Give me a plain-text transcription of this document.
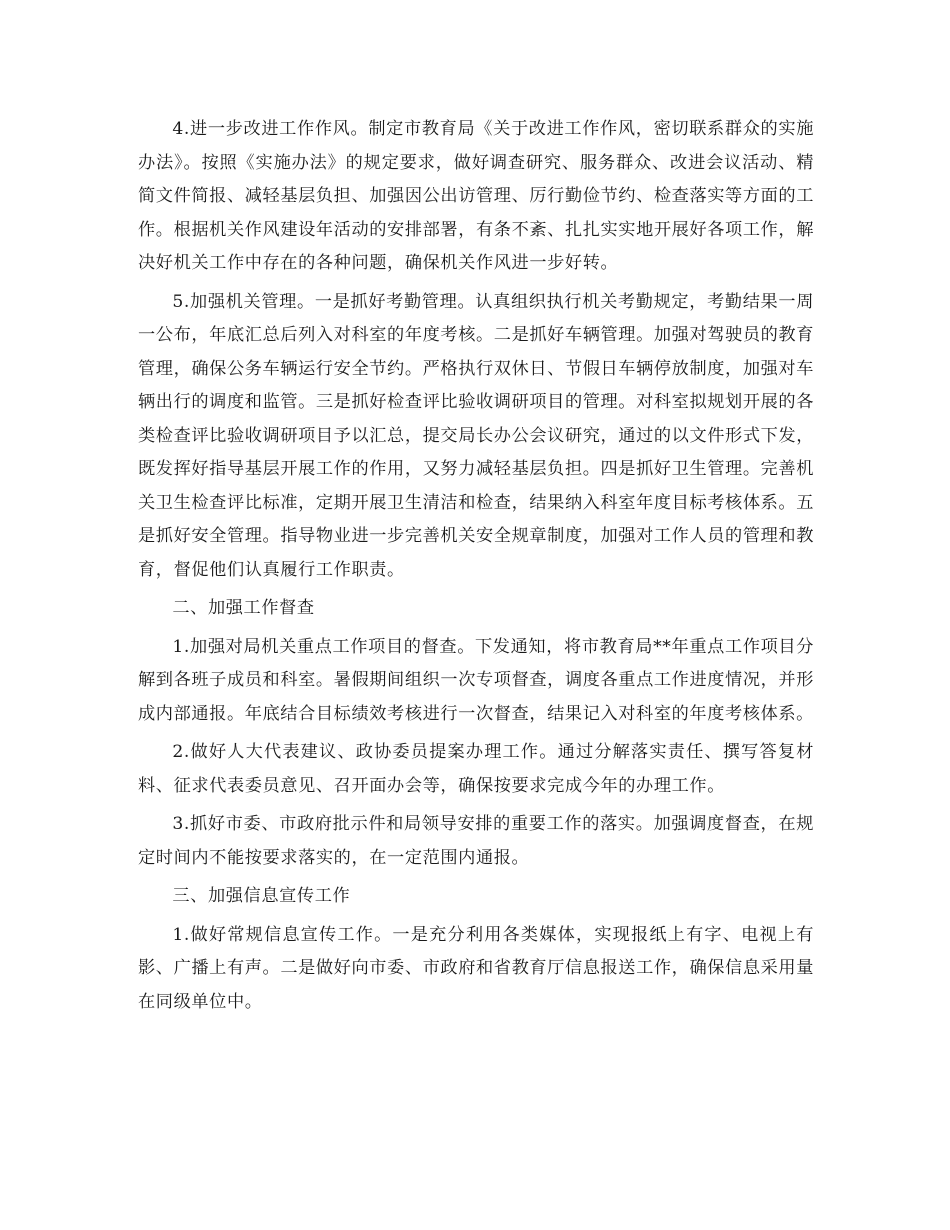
4.进一步改进工作作风。制定市教育局《关于改进工作作风，密切联系群众的实施办法》。按照《实施办法》的规定要求，做好调查研究、服务群众、改进会议活动、精简文件简报、减轻基层负担、加强因公出访管理、厉行勤俭节约、检查落实等方面的工作。根据机关作风建设年活动的安排部署，有条不紊、扎扎实实地开展好各项工作，解决好机关工作中存在的各种问题，确保机关作风进一步好转。

5.加强机关管理。一是抓好考勤管理。认真组织执行机关考勤规定，考勤结果一周一公布，年底汇总后列入对科室的年度考核。二是抓好车辆管理。加强对驾驶员的教育管理，确保公务车辆运行安全节约。严格执行双休日、节假日车辆停放制度，加强对车辆出行的调度和监管。三是抓好检查评比验收调研项目的管理。对科室拟规划开展的各类检查评比验收调研项目予以汇总，提交局长办公会议研究，通过的以文件形式下发，既发挥好指导基层开展工作的作用，又努力减轻基层负担。四是抓好卫生管理。完善机关卫生检查评比标准，定期开展卫生清洁和检查，结果纳入科室年度目标考核体系。五是抓好安全管理。指导物业进一步完善机关安全规章制度，加强对工作人员的管理和教育，督促他们认真履行工作职责。

二、加强工作督查

1.加强对局机关重点工作项目的督查。下发通知，将市教育局**年重点工作项目分解到各班子成员和科室。暑假期间组织一次专项督查，调度各重点工作进度情况，并形成内部通报。年底结合目标绩效考核进行一次督查，结果记入对科室的年度考核体系。

2.做好人大代表建议、政协委员提案办理工作。通过分解落实责任、撰写答复材料、征求代表委员意见、召开面办会等，确保按要求完成今年的办理工作。

3.抓好市委、市政府批示件和局领导安排的重要工作的落实。加强调度督查，在规定时间内不能按要求落实的，在一定范围内通报。

三、加强信息宣传工作

1.做好常规信息宣传工作。一是充分利用各类媒体，实现报纸上有字、电视上有影、广播上有声。二是做好向市委、市政府和省教育厅信息报送工作，确保信息采用量在同级单位中。
